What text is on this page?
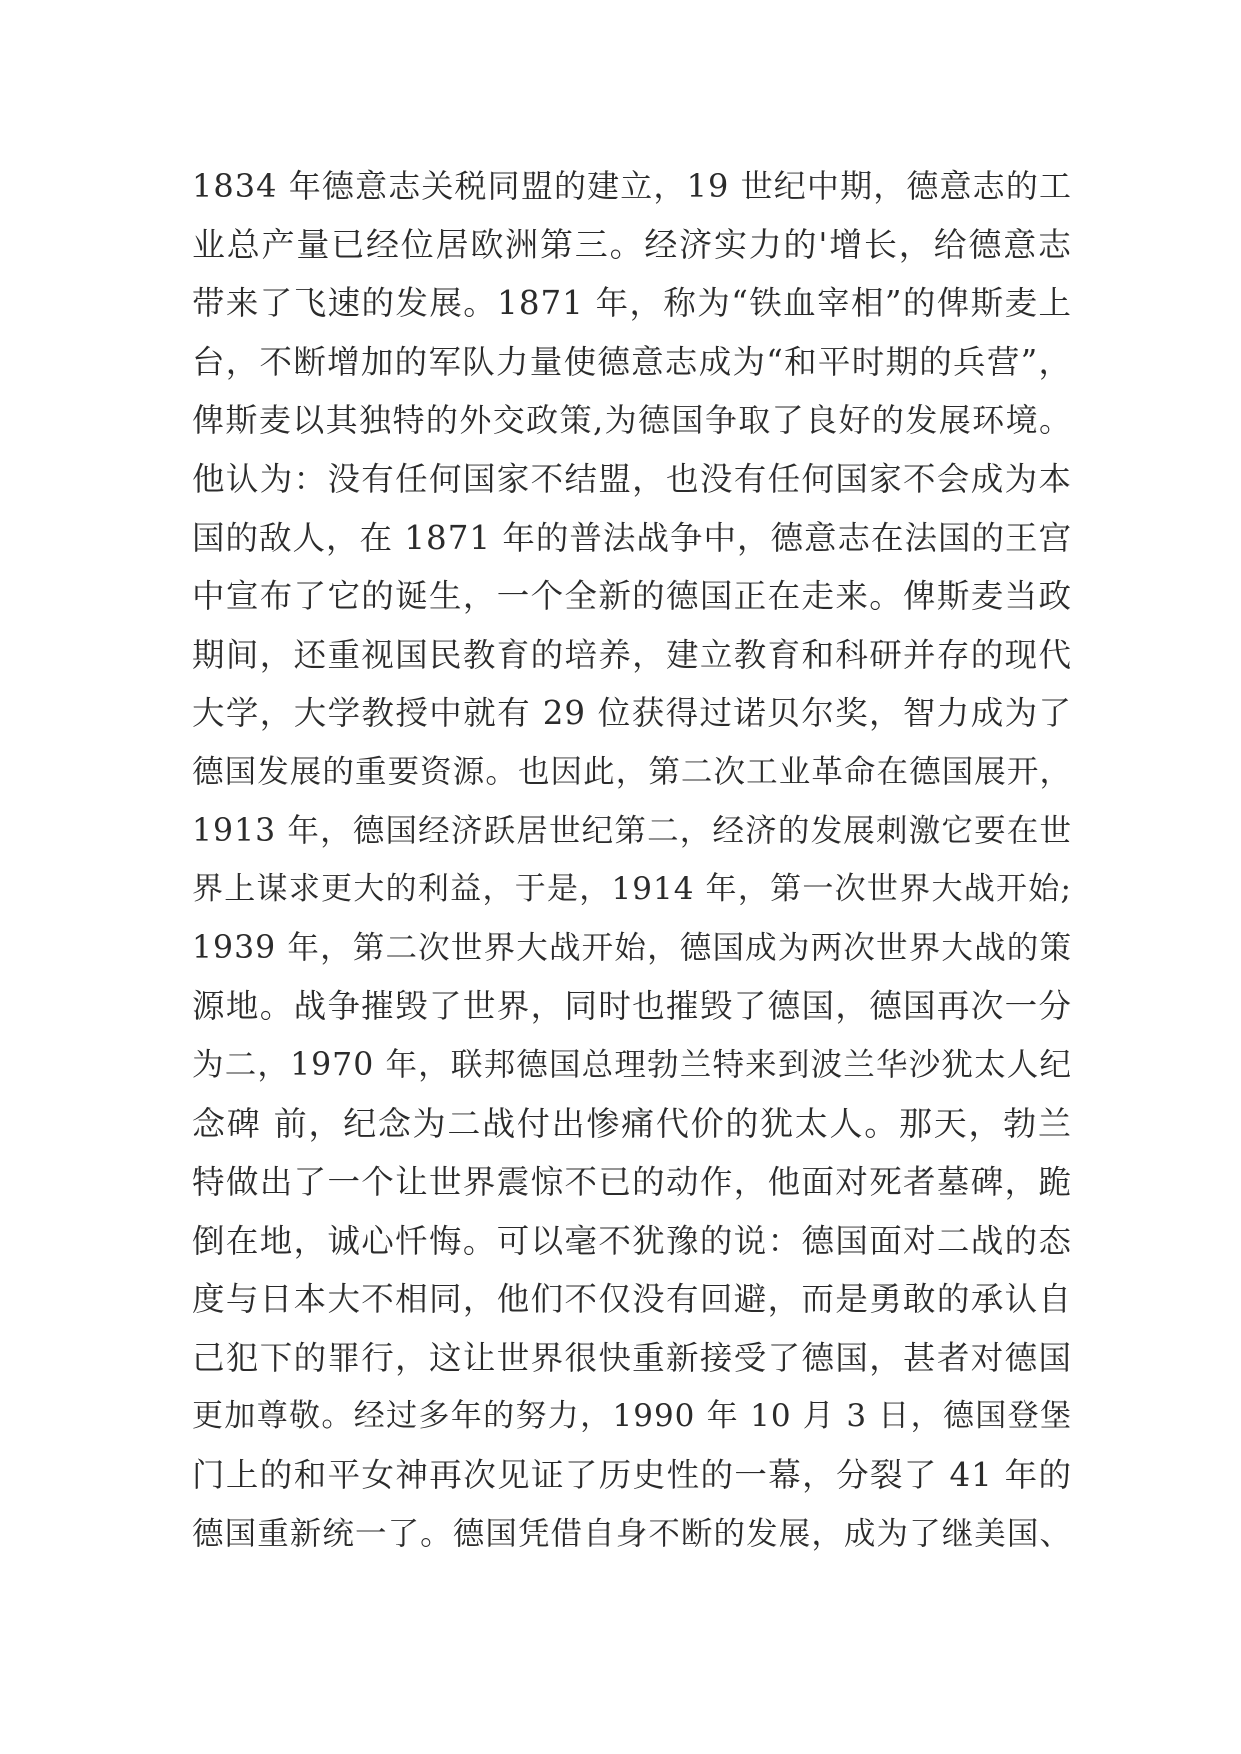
1834 年德意志关税同盟的建立，19 世纪中期，德意志的工
业总产量已经位居欧洲第三。经济实力的'增长，给德意志
带来了飞速的发展。1871 年，称为“铁血宰相”的俾斯麦上
台，不断增加的军队力量使德意志成为“和平时期的兵营”，
俾斯麦以其独特的外交政策,为德国争取了良好的发展环境。
他认为：没有任何国家不结盟，也没有任何国家不会成为本
国的敌人，在 1871 年的普法战争中，德意志在法国的王宫
中宣布了它的诞生，一个全新的德国正在走来。俾斯麦当政
期间，还重视国民教育的培养，建立教育和科研并存的现代
大学，大学教授中就有 29 位获得过诺贝尔奖，智力成为了
德国发展的重要资源。也因此，第二次工业革命在德国展开，
1913 年，德国经济跃居世纪第二，经济的发展刺激它要在世
界上谋求更大的利益，于是，1914 年，第一次世界大战开始;
1939 年，第二次世界大战开始，德国成为两次世界大战的策
源地。战争摧毁了世界，同时也摧毁了德国，德国再次一分
为二，1970 年，联邦德国总理勃兰特来到波兰华沙犹太人纪
念碑 前，纪念为二战付出惨痛代价的犹太人。那天，勃兰
特做出了一个让世界震惊不已的动作，他面对死者墓碑，跪
倒在地，诚心忏悔。可以毫不犹豫的说：德国面对二战的态
度与日本大不相同，他们不仅没有回避，而是勇敢的承认自
己犯下的罪行，这让世界很快重新接受了德国，甚者对德国
更加尊敬。经过多年的努力，1990 年 10 月 3 日，德国登堡
门上的和平女神再次见证了历史性的一幕，分裂了 41 年的
德国重新统一了。德国凭借自身不断的发展，成为了继美国、
